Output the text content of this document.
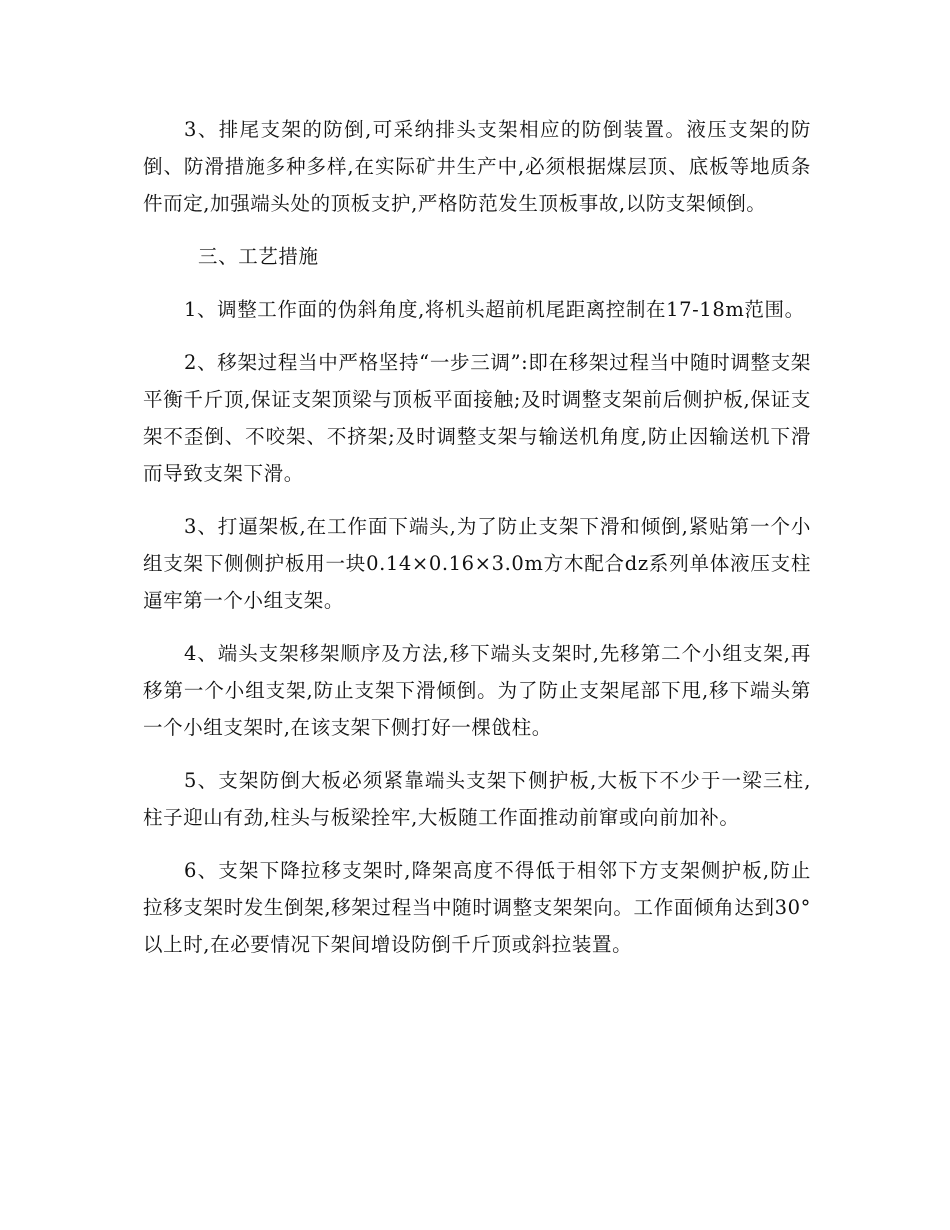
3、排尾支架的防倒,可采纳排头支架相应的防倒装置。液压支架的防倒、防滑措施多种多样,在实际矿井生产中,必须根据煤层顶、底板等地质条件而定,加强端头处的顶板支护,严格防范发生顶板事故,以防支架倾倒。

三、工艺措施

1、调整工作面的伪斜角度,将机头超前机尾距离控制在17-18m范围。

2、移架过程当中严格坚持“一步三调”:即在移架过程当中随时调整支架平衡千斤顶,保证支架顶梁与顶板平面接触;及时调整支架前后侧护板,保证支架不歪倒、不咬架、不挤架;及时调整支架与输送机角度,防止因输送机下滑而导致支架下滑。

3、打逼架板,在工作面下端头,为了防止支架下滑和倾倒,紧贴第一个小组支架下侧侧护板用一块0.14×0.16×3.0m方木配合dz系列单体液压支柱逼牢第一个小组支架。

4、端头支架移架顺序及方法,移下端头支架时,先移第二个小组支架,再移第一个小组支架,防止支架下滑倾倒。为了防止支架尾部下甩,移下端头第一个小组支架时,在该支架下侧打好一棵戗柱。

5、支架防倒大板必须紧靠端头支架下侧护板,大板下不少于一梁三柱,柱子迎山有劲,柱头与板梁拴牢,大板随工作面推动前窜或向前加补。

6、支架下降拉移支架时,降架高度不得低于相邻下方支架侧护板,防止拉移支架时发生倒架,移架过程当中随时调整支架架向。工作面倾角达到30°以上时,在必要情况下架间增设防倒千斤顶或斜拉装置。
